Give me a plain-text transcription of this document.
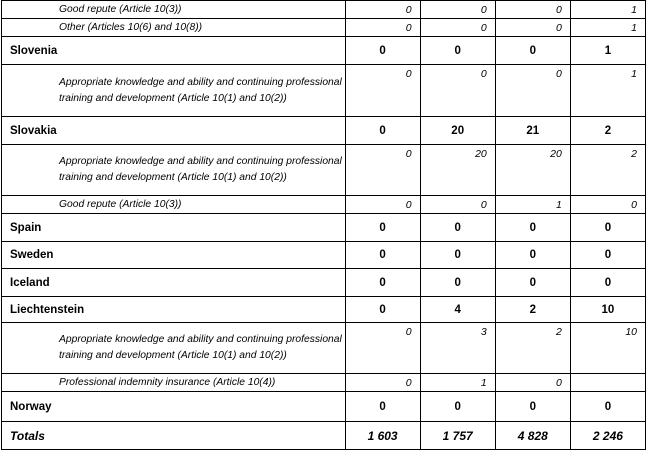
Good repute (Article 10(3))	0	0	0	1
Other (Articles 10(6) and 10(8))	0	0	0	1
Slovenia	0	0	0	1
Appropriate knowledge and ability and continuing professional training and development (Article 10(1) and 10(2))	0	0	0	1
Slovakia	0	20	21	2
Appropriate knowledge and ability and continuing professional training and development (Article 10(1) and 10(2))	0	20	20	2
Good repute (Article 10(3))	0	0	1	0
Spain	0	0	0	0
Sweden	0	0	0	0
Iceland	0	0	0	0
Liechtenstein	0	4	2	10
Appropriate knowledge and ability and continuing professional training and development (Article 10(1) and 10(2))	0	3	2	10
Professional indemnity insurance (Article 10(4))	0	1	0	
Norway	0	0	0	0
Totals	1 603	1 757	4 828	2 246
